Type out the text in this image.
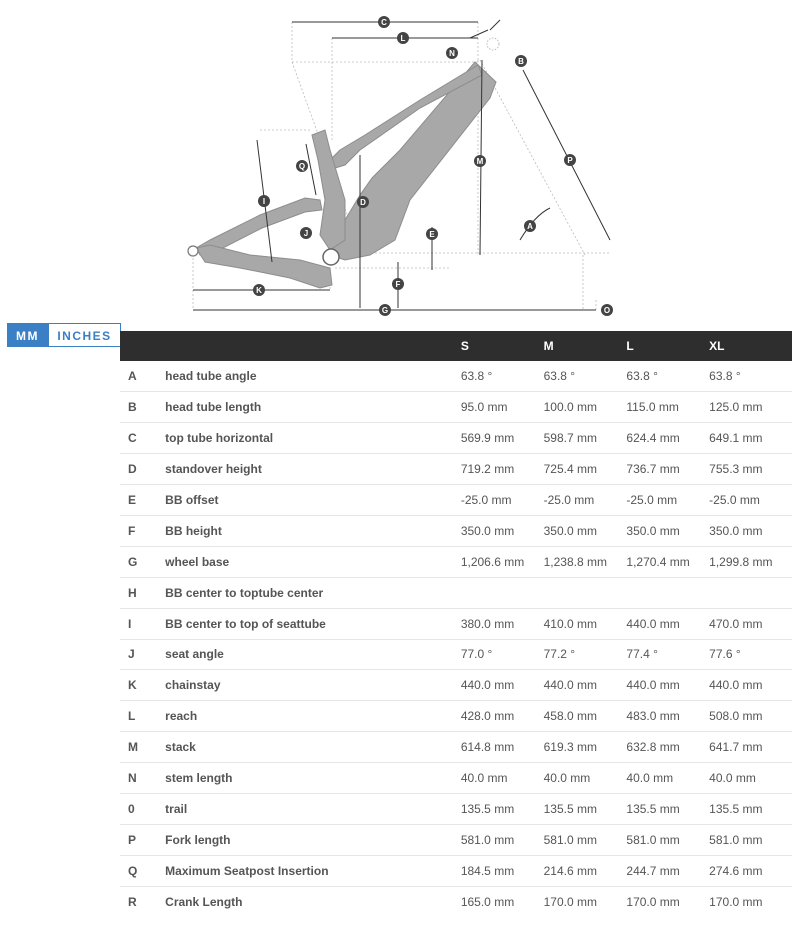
C
L
N
B
Q
P
M
I	D
A
E
J
F
K
G	O
MM	INCHES
		S	M	L	XL
A	head tube angle	63.8 °	63.8 °	63.8 °	63.8 °
B	head tube length	95.0 mm	100.0 mm	115.0 mm	125.0 mm
C	top tube horizontal	569.9 mm	598.7 mm	624.4 mm	649.1 mm
D	standover height	719.2 mm	725.4 mm	736.7 mm	755.3 mm
E	BB offset	-25.0 mm	-25.0 mm	-25.0 mm	-25.0 mm
F	BB height	350.0 mm	350.0 mm	350.0 mm	350.0 mm
G	wheel base	1,206.6 mm	1,238.8 mm	1,270.4 mm	1,299.8 mm
H	BB center to toptube center				
I	BB center to top of seattube	380.0 mm	410.0 mm	440.0 mm	470.0 mm
J	seat angle	77.0 °	77.2 °	77.4 °	77.6 °
K	chainstay	440.0 mm	440.0 mm	440.0 mm	440.0 mm
L	reach	428.0 mm	458.0 mm	483.0 mm	508.0 mm
M	stack	614.8 mm	619.3 mm	632.8 mm	641.7 mm
N	stem length	40.0 mm	40.0 mm	40.0 mm	40.0 mm
0	trail	135.5 mm	135.5 mm	135.5 mm	135.5 mm
P	Fork length	581.0 mm	581.0 mm	581.0 mm	581.0 mm
Q	Maximum Seatpost Insertion	184.5 mm	214.6 mm	244.7 mm	274.6 mm
R	Crank Length	165.0 mm	170.0 mm	170.0 mm	170.0 mm
